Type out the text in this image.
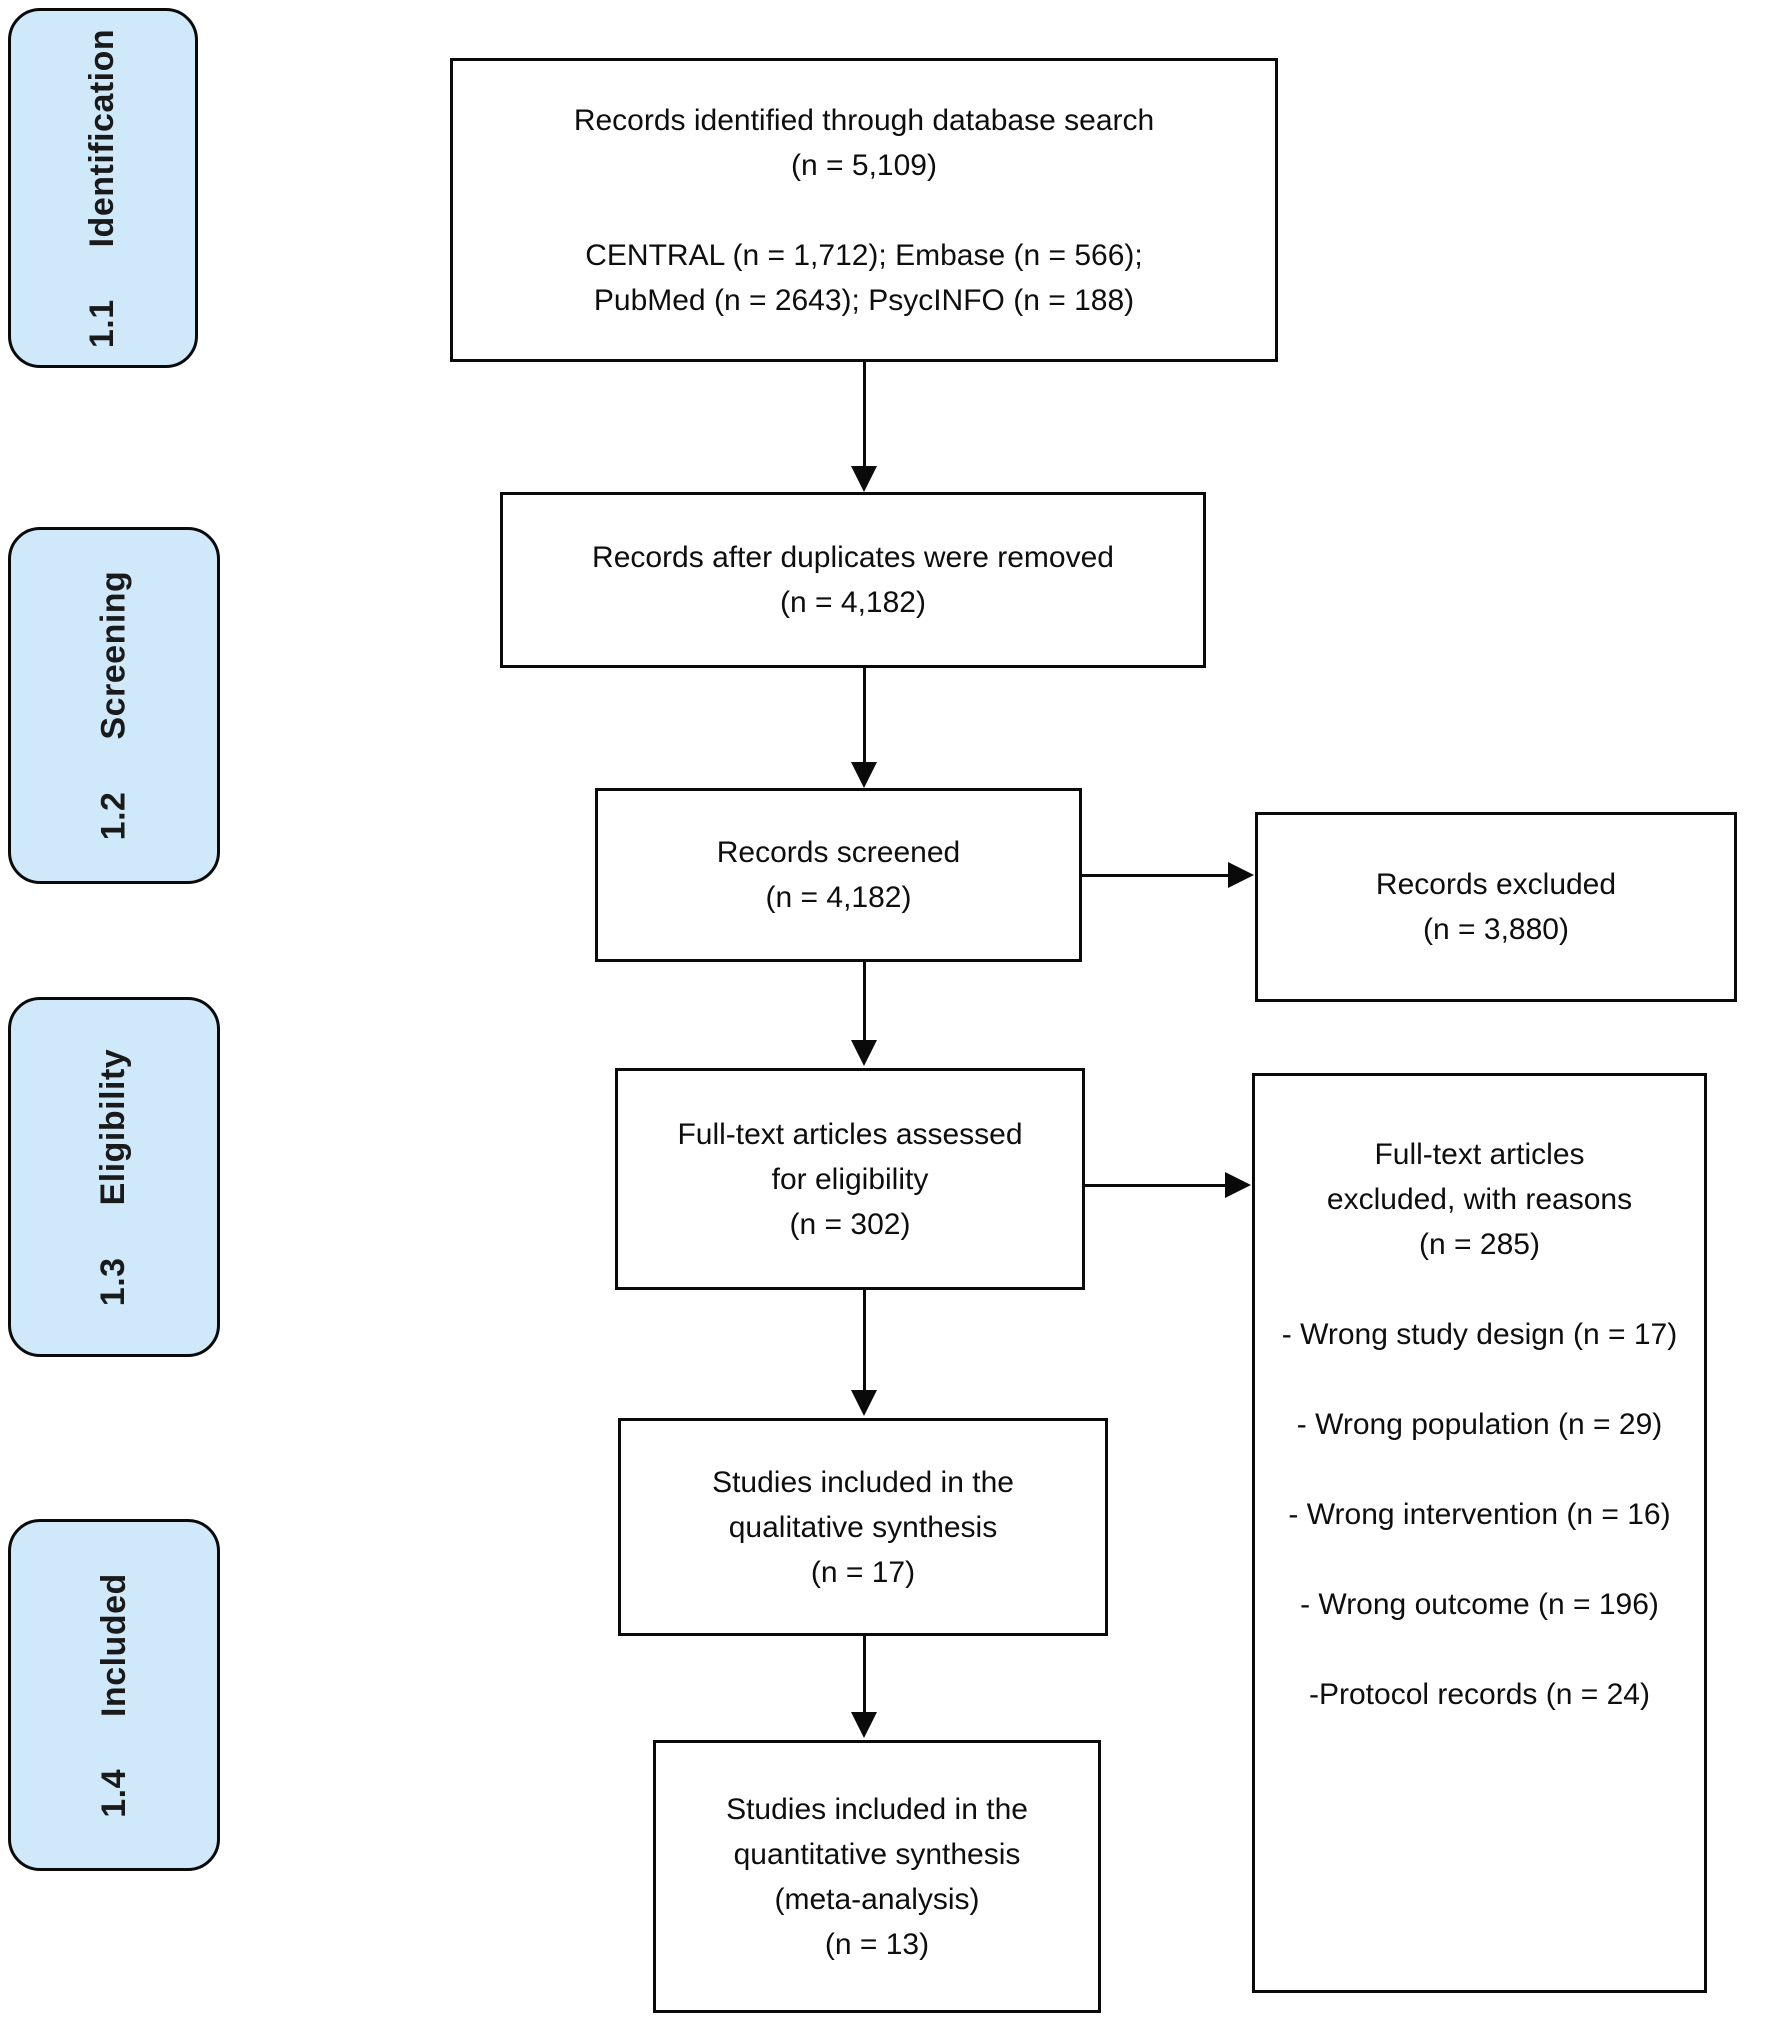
1.1
Identification
1.2
Screening
1.3
Eligibility
1.4
Included
Records identified through database search
(n = 5,109)
CENTRAL (n = 1,712); Embase (n = 566);
PubMed (n = 2643); PsycINFO (n = 188)
Records after duplicates were removed
(n = 4,182)
Records screened
(n = 4,182)	Records excluded
(n = 3,880)
Full-text articles assessed
for eligibility
(n = 302)
Full-text articles
excluded, with reasons
(n = 285)

- Wrong study design (n = 17)

- Wrong population (n = 29)

- Wrong intervention (n = 16)

- Wrong outcome (n = 196)

-Protocol records (n = 24)

Studies included in the
qualitative synthesis
(n = 17)
Studies included in the
quantitative synthesis
(meta-analysis)
(n = 13)
